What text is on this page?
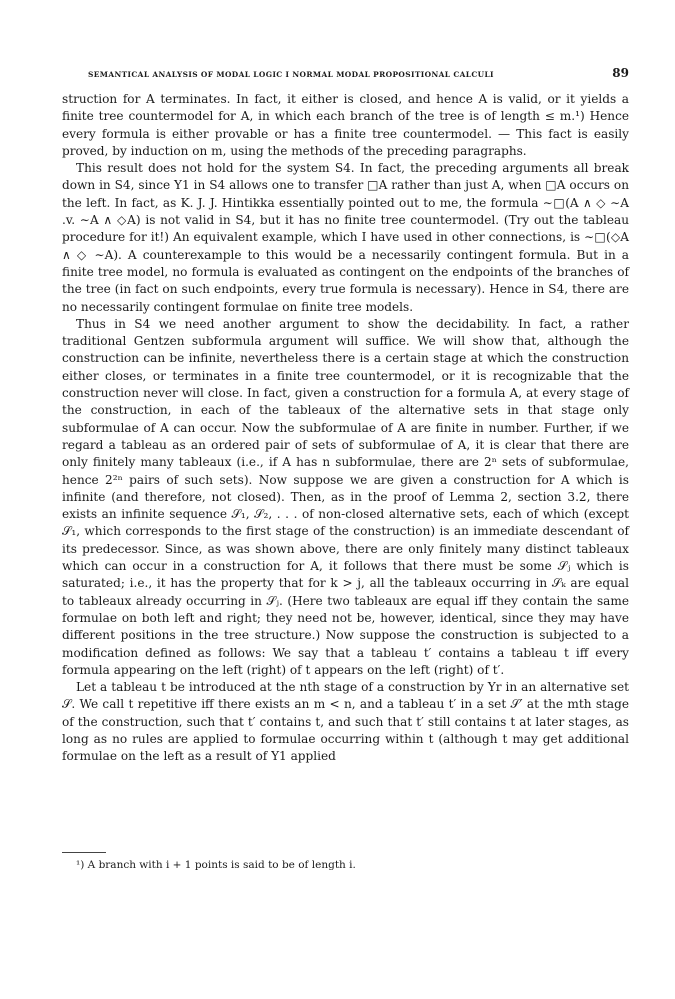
SEMANTICAL ANALYSIS OF MODAL LOGIC I NORMAL MODAL PROPOSITIONAL CALCULI	89

struction for A terminates. In fact, it either is closed, and hence A is valid, or it yields a finite tree countermodel for A, in which each branch of the tree is of length ≤ m.¹) Hence every formula is either provable or has a finite tree countermodel. — This fact is easily proved, by induction on m, using the methods of the preceding paragraphs.

This result does not hold for the system S4. In fact, the preceding arguments all break down in S4, since Y1 in S4 allows one to transfer □A rather than just A, when □A occurs on the left. In fact, as K. J. J. Hintikka essentially pointed out to me, the formula ∼□(A ∧ ◇ ∼A .v. ∼A ∧ ◇A) is not valid in S4, but it has no finite tree countermodel. (Try out the tableau procedure for it!) An equivalent example, which I have used in other connections, is ∼□(◇A ∧ ◇ ∼A). A counterexample to this would be a necessarily contingent formula. But in a finite tree model, no formula is evaluated as contingent on the endpoints of the branches of the tree (in fact on such endpoints, every true formula is necessary). Hence in S4, there are no necessarily contingent formulae on finite tree models.

Thus in S4 we need another argument to show the decidability. In fact, a rather traditional Gentzen subformula argument will suffice. We will show that, although the construction can be infinite, nevertheless there is a certain stage at which the construction either closes, or terminates in a finite tree countermodel, or it is recognizable that the construction never will close. In fact, given a construction for a formula A, at every stage of the construction, in each of the tableaux of the alternative sets in that stage only subformulae of A can occur. Now the subformulae of A are finite in number. Further, if we regard a tableau as an ordered pair of sets of subformulae of A, it is clear that there are only finitely many tableaux (i.e., if A has n subformulae, there are 2ⁿ sets of subformulae, hence 2²ⁿ pairs of such sets). Now suppose we are given a construction for A which is infinite (and therefore, not closed). Then, as in the proof of Lemma 2, section 3.2, there exists an infinite sequence 𝒮₁, 𝒮₂, . . . of non-closed alternative sets, each of which (except 𝒮₁, which corresponds to the first stage of the construction) is an immediate descendant of its predecessor. Since, as was shown above, there are only finitely many distinct tableaux which can occur in a construction for A, it follows that there must be some 𝒮ⱼ which is saturated; i.e., it has the property that for k > j, all the tableaux occurring in 𝒮ₖ are equal to tableaux already occurring in 𝒮ⱼ. (Here two tableaux are equal iff they contain the same formulae on both left and right; they need not be, however, identical, since they may have different positions in the tree structure.) Now suppose the construction is subjected to a modification defined as follows: We say that a tableau t′ contains a tableau t iff every formula appearing on the left (right) of t appears on the left (right) of t′.

Let a tableau t be introduced at the nth stage of a construction by Yr in an alternative set 𝒮. We call t repetitive iff there exists an m < n, and a tableau t′ in a set 𝒮′ at the mth stage of the construction, such that t′ contains t, and such that t′ still contains t at later stages, as long as no rules are applied to formulae occurring within t (although t may get additional formulae on the left as a result of Y1 applied

¹) A branch with i + 1 points is said to be of length i.
